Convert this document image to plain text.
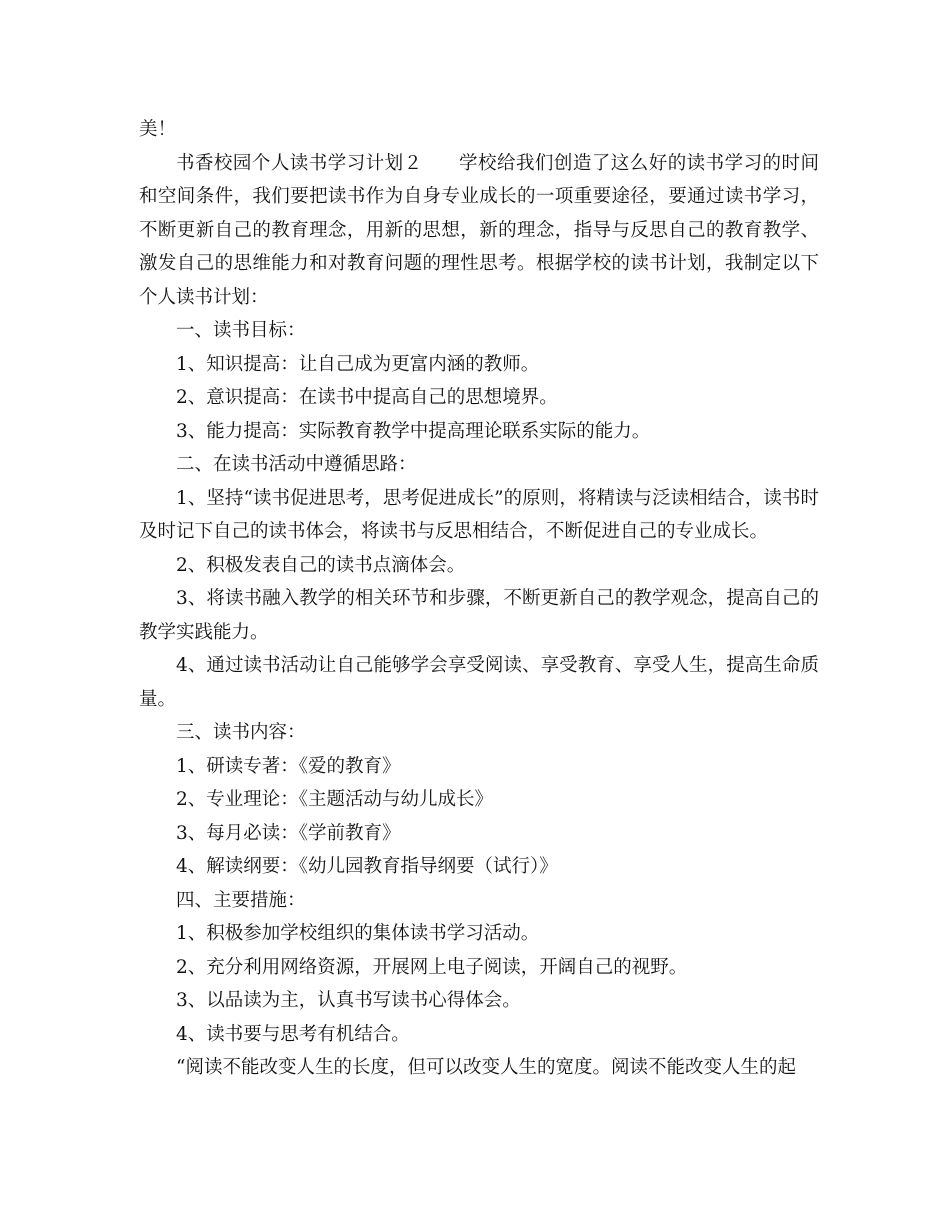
美！

书香校园个人读书学习计划２ 学校给我们创造了这么好的读书学习的时间和空间条件，我们要把读书作为自身专业成长的一项重要途径，要通过读书学习，不断更新自己的教育理念，用新的思想，新的理念，指导与反思自己的教育教学、激发自己的思维能力和对教育问题的理性思考。根据学校的读书计划，我制定以下个人读书计划：

一、读书目标：

1、知识提高：让自己成为更富内涵的教师。

2、意识提高：在读书中提高自己的思想境界。

3、能力提高：实际教育教学中提高理论联系实际的能力。

二、在读书活动中遵循思路：

1、坚持“读书促进思考，思考促进成长”的原则，将精读与泛读相结合，读书时及时记下自己的读书体会，将读书与反思相结合，不断促进自己的专业成长。

2、积极发表自己的读书点滴体会。

3、将读书融入教学的相关环节和步骤，不断更新自己的教学观念，提高自己的教学实践能力。

4、通过读书活动让自己能够学会享受阅读、享受教育、享受人生，提高生命质量。

三、读书内容：

1、研读专著：《爱的教育》

2、专业理论：《主题活动与幼儿成长》

3、每月必读：《学前教育》

4、解读纲要：《幼儿园教育指导纲要（试行）》

四、主要措施：

1、积极参加学校组织的集体读书学习活动。

2、充分利用网络资源，开展网上电子阅读，开阔自己的视野。

3、以品读为主，认真书写读书心得体会。

4、读书要与思考有机结合。

“阅读不能改变人生的长度，但可以改变人生的宽度。阅读不能改变人生的起
